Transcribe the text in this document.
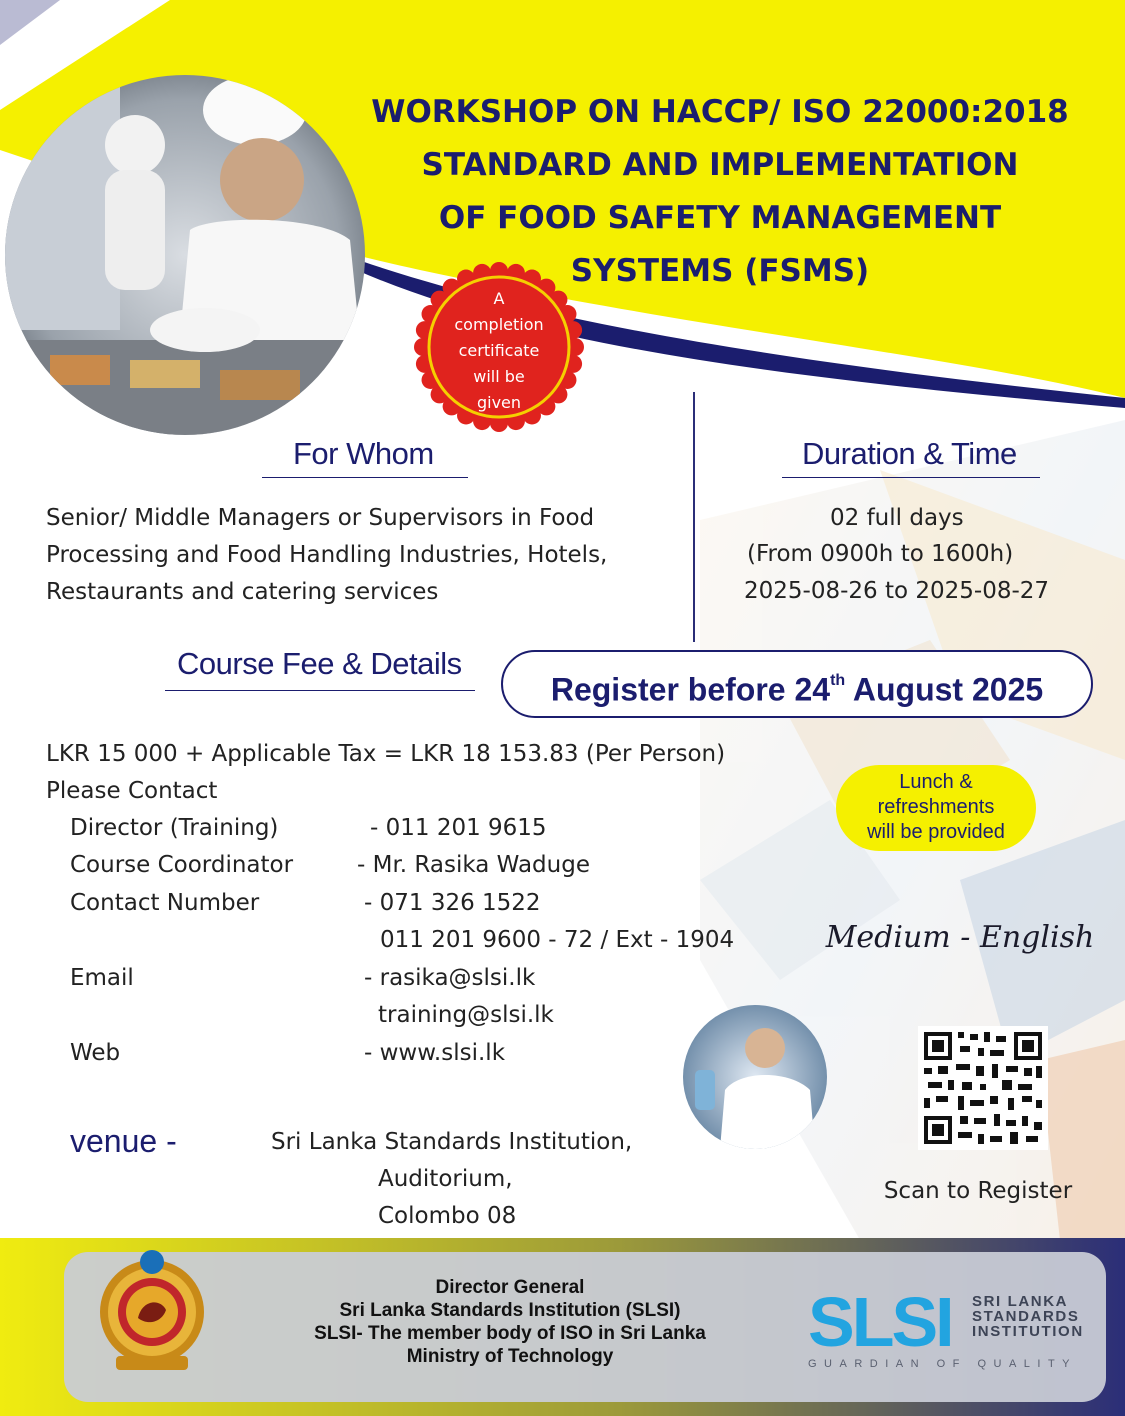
SLSI
WORKSHOP ON HACCP/ ISO 22000:2018
STANDARD AND IMPLEMENTATION
OF FOOD SAFETY MANAGEMENT
SYSTEMS (FSMS)
A
completion
certificate
will be
given
For Whom
Senior/ Middle Managers or Supervisors in Food
Processing and Food Handling Industries, Hotels,
Restaurants and catering services
Duration & Time
02 full days
(From 0900h to 1600h)
2025-08-26 to 2025-08-27
Course Fee & Details
Register before 24th August 2025
LKR 15 000 + Applicable Tax = LKR 18 153.83 (Per Person)
Please Contact
Director (Training)	- 011 201 9615
Course Coordinator	- Mr. Rasika Waduge
Contact Number	- 071 326 1522
011 201 9600 - 72 / Ext - 1904
Email	- rasika@slsi.lk
training@slsi.lk
Web	- www.slsi.lk
Lunch &
refreshments
will be provided
Medium - English
venue -	Sri Lanka Standards Institution,
Auditorium,
Colombo 08
Scan to Register
Director General
Sri Lanka Standards Institution (SLSI)
SLSI- The member body of ISO in Sri Lanka
Ministry of Technology
SRI LANKA
STANDARDS
INSTITUTION
GUARDIAN OF QUALITY
